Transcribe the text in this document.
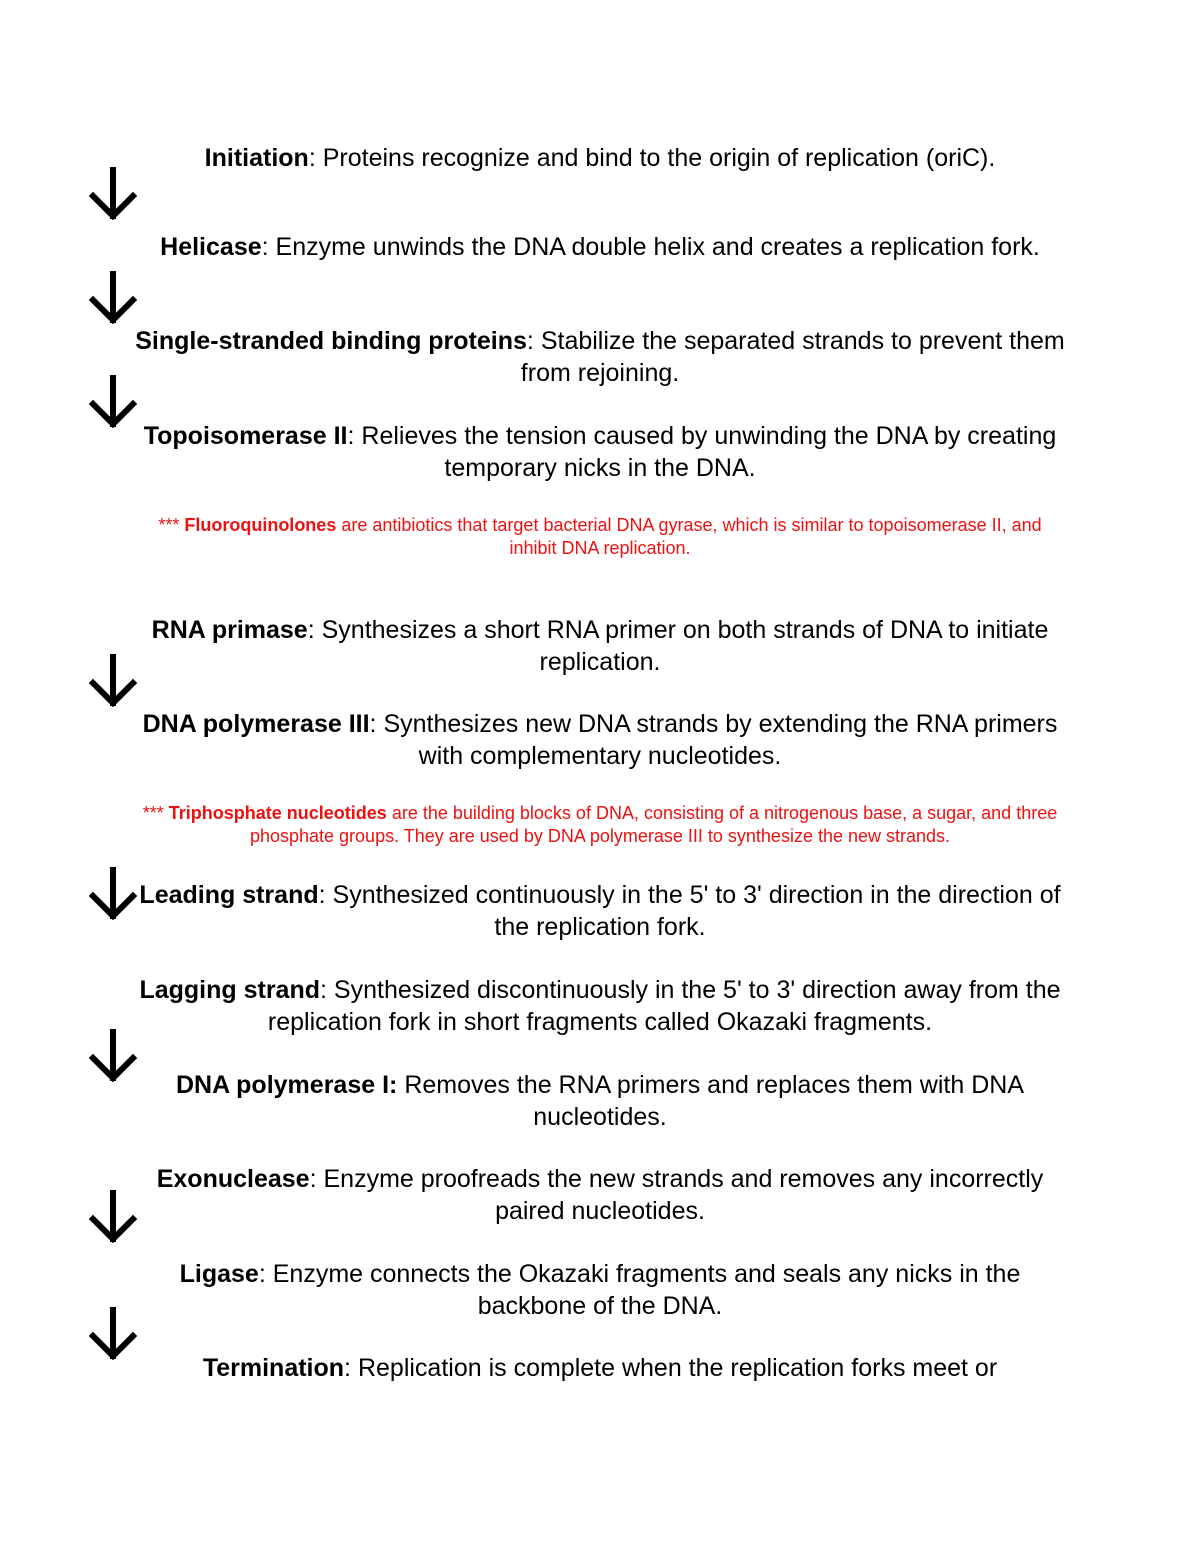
Initiation: Proteins recognize and bind to the origin of replication (oriC).
Helicase: Enzyme unwinds the DNA double helix and creates a replication fork.
Single-stranded binding proteins: Stabilize the separated strands to prevent them from rejoining.
Topoisomerase II: Relieves the tension caused by unwinding the DNA by creating temporary nicks in the DNA.
*** Fluoroquinolones are antibiotics that target bacterial DNA gyrase, which is similar to topoisomerase II, and inhibit DNA replication.
RNA primase: Synthesizes a short RNA primer on both strands of DNA to initiate replication.
DNA polymerase III: Synthesizes new DNA strands by extending the RNA primers with complementary nucleotides.
*** Triphosphate nucleotides are the building blocks of DNA, consisting of a nitrogenous base, a sugar, and three phosphate groups. They are used by DNA polymerase III to synthesize the new strands.
Leading strand: Synthesized continuously in the 5' to 3' direction in the direction of the replication fork.
Lagging strand: Synthesized discontinuously in the 5' to 3' direction away from the replication fork in short fragments called Okazaki fragments.
DNA polymerase I: Removes the RNA primers and replaces them with DNA nucleotides.
Exonuclease: Enzyme proofreads the new strands and removes any incorrectly paired nucleotides.
Ligase: Enzyme connects the Okazaki fragments and seals any nicks in the backbone of the DNA.
Termination: Replication is complete when the replication forks meet or
